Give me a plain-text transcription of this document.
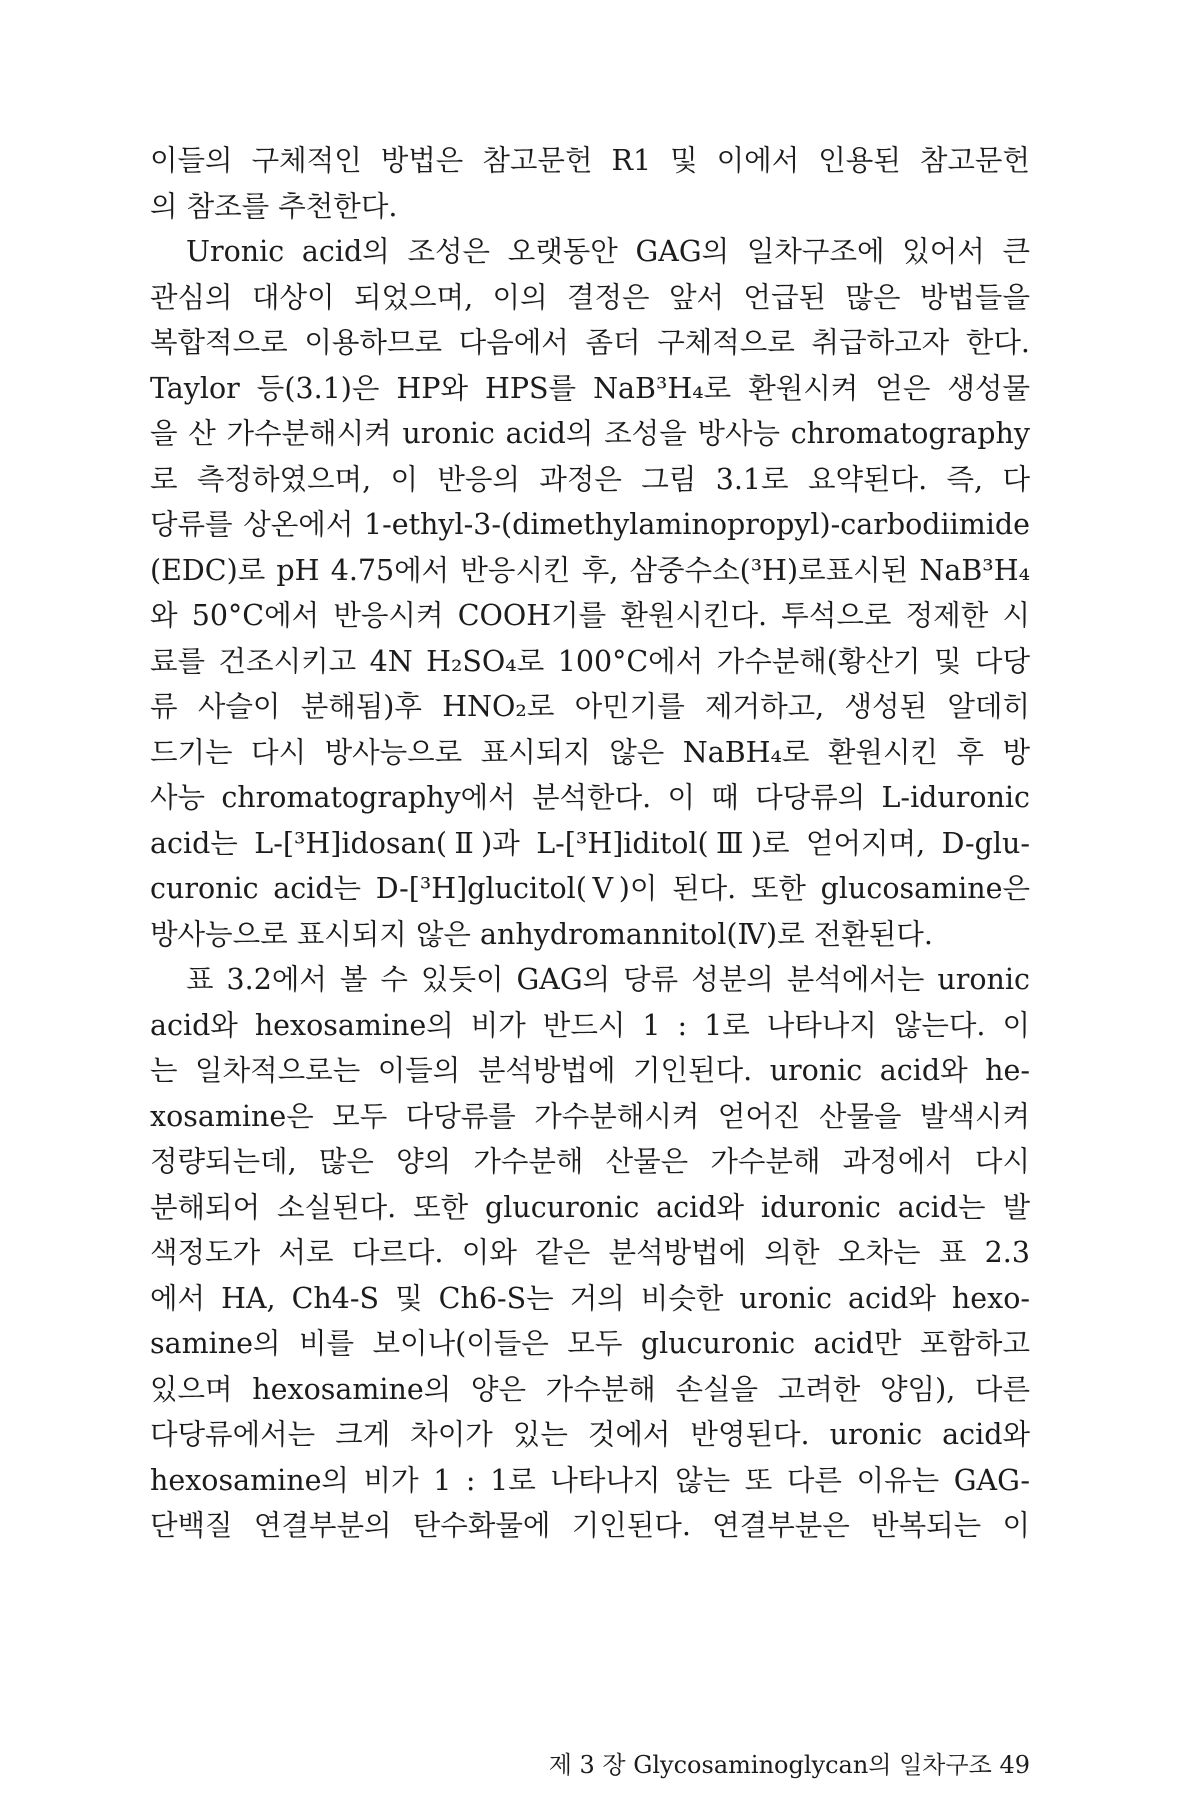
이들의 구체적인 방법은 참고문헌 R1 및 이에서 인용된 참고문헌
의 참조를 추천한다.
Uronic acid의 조성은 오랫동안 GAG의 일차구조에 있어서 큰
관심의 대상이 되었으며, 이의 결정은 앞서 언급된 많은 방법들을
복합적으로 이용하므로 다음에서 좀더 구체적으로 취급하고자 한다.
Taylor 등(3.1)은 HP와 HPS를 NaB³H₄로 환원시켜 얻은 생성물
을 산 가수분해시켜 uronic acid의 조성을 방사능 chromatography
로 측정하였으며, 이 반응의 과정은 그림 3.1로 요약된다. 즉, 다
당류를 상온에서 1-ethyl-3-(dimethylaminopropyl)-carbodiimide
(EDC)로 pH 4.75에서 반응시킨 후, 삼중수소(³H)로표시된 NaB³H₄
와 50°C에서 반응시켜 COOH기를 환원시킨다. 투석으로 정제한 시
료를 건조시키고 4N H₂SO₄로 100°C에서 가수분해(황산기 및 다당
류 사슬이 분해됨)후 HNO₂로 아민기를 제거하고, 생성된 알데히
드기는 다시 방사능으로 표시되지 않은 NaBH₄로 환원시킨 후 방
사능 chromatography에서 분석한다. 이 때 다당류의 L-iduronic
acid는 L-[³H]idosan(Ⅱ)과 L-[³H]iditol(Ⅲ)로 얻어지며, D-glu-
curonic acid는 D-[³H]glucitol(Ⅴ)이 된다. 또한 glucosamine은
방사능으로 표시되지 않은 anhydromannitol(Ⅳ)로 전환된다.
표 3.2에서 볼 수 있듯이 GAG의 당류 성분의 분석에서는 uronic
acid와 hexosamine의 비가 반드시 1 : 1로 나타나지 않는다. 이
는 일차적으로는 이들의 분석방법에 기인된다. uronic acid와 he-
xosamine은 모두 다당류를 가수분해시켜 얻어진 산물을 발색시켜
정량되는데, 많은 양의 가수분해 산물은 가수분해 과정에서 다시
분해되어 소실된다. 또한 glucuronic acid와 iduronic acid는 발
색정도가 서로 다르다. 이와 같은 분석방법에 의한 오차는 표 2.3
에서 HA, Ch4-S 및 Ch6-S는 거의 비슷한 uronic acid와 hexo-
samine의 비를 보이나(이들은 모두 glucuronic acid만 포함하고
있으며 hexosamine의 양은 가수분해 손실을 고려한 양임), 다른
다당류에서는 크게 차이가 있는 것에서 반영된다. uronic acid와
hexosamine의 비가 1 : 1로 나타나지 않는 또 다른 이유는 GAG-
단백질 연결부분의 탄수화물에 기인된다. 연결부분은 반복되는 이
제 3 장 Glycosaminoglycan의 일차구조 49
